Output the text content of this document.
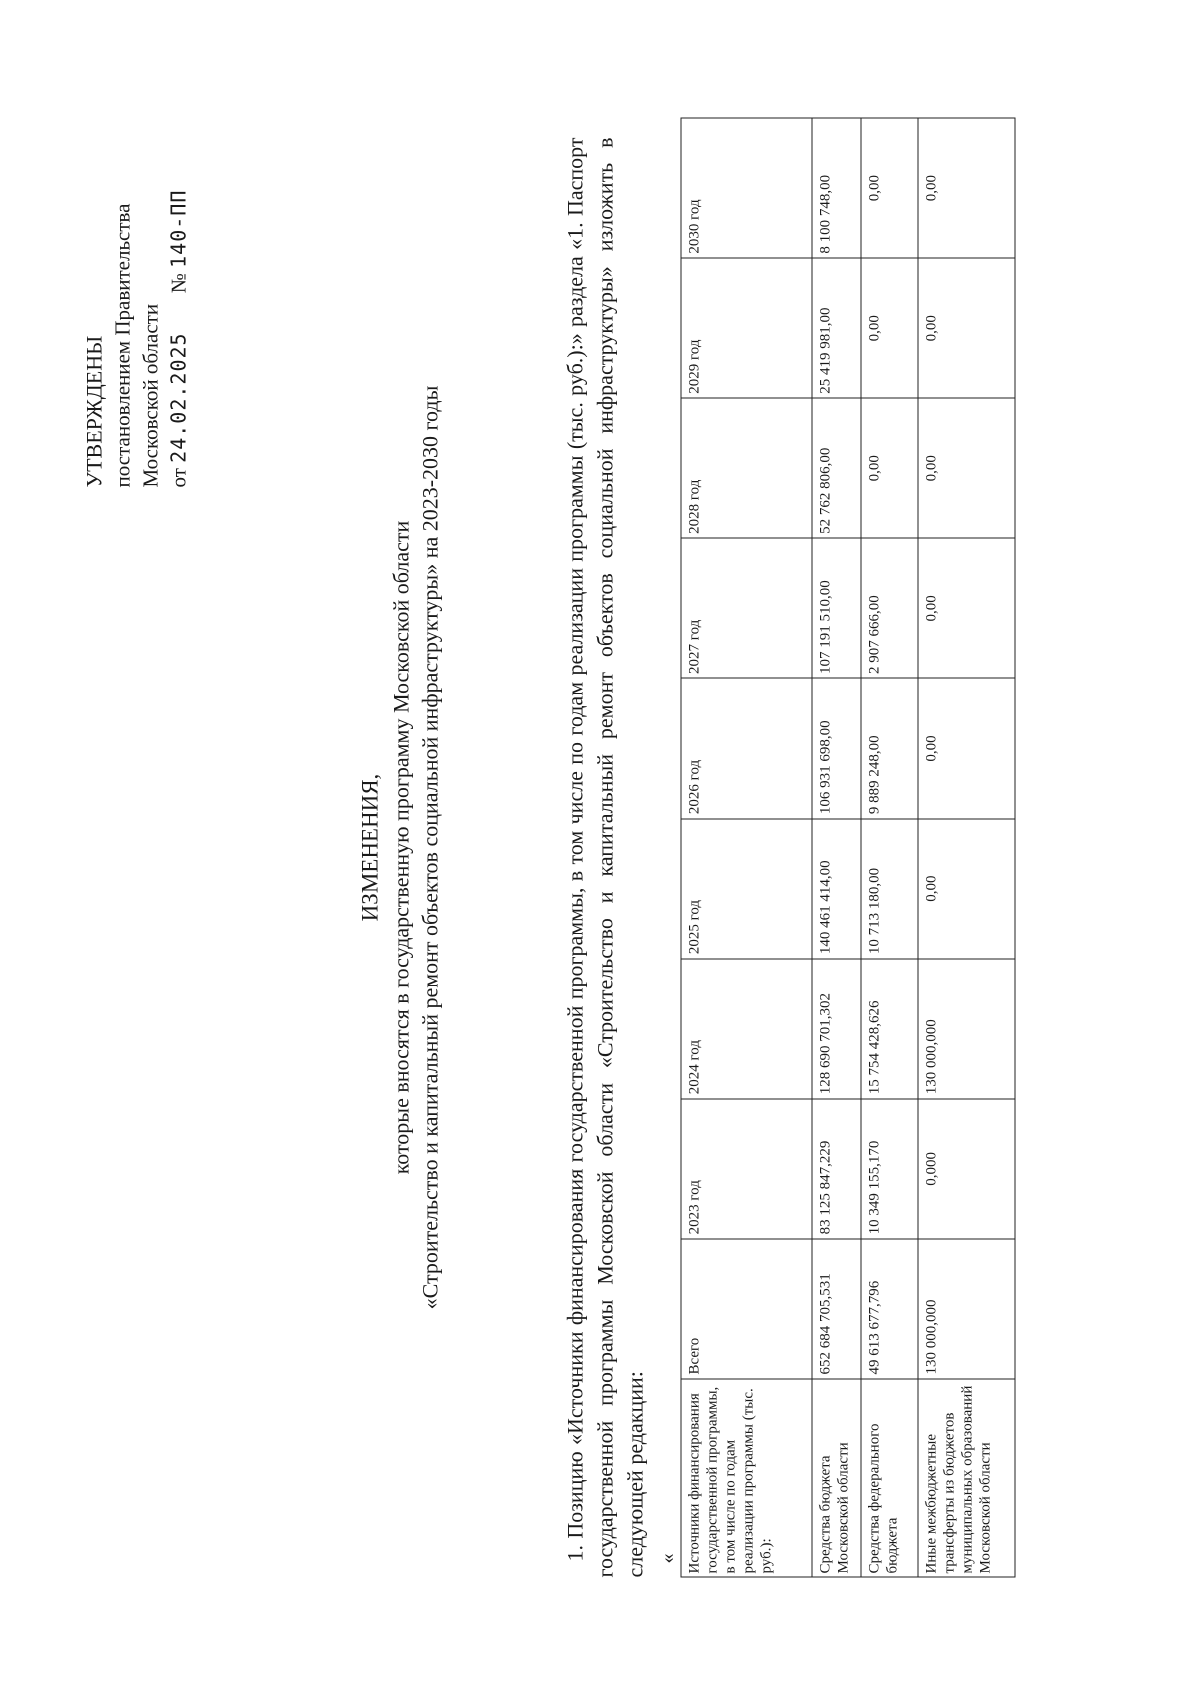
УТВЕРЖДЕНЫ постановлением Правительства Московской области от 24.02.2025 № 140-ПП
ИЗМЕНЕНИЯ, которые вносятся в государственную программу Московской области «Строительство и капитальный ремонт объектов социальной инфраструктуры» на 2023-2030 годы	1. Позицию «Источники финансирования государственной программы, в том числе по годам реализации программы (тыс. руб.):» раздела «1. Паспорт государственной программы Московской области «Строительство и капитальный ремонт объектов социальной инфраструктуры» изложить в следующей редакции: « Источники финансирования государственной программы, в том числе по годам реализации программы (тыс. руб.):	Всего	2023 год	2024 год	2025 год	2026 год	2027 год	2028 год	2029 год	2030 год
Средства бюджета Московской области	652 684 705,531	83 125 847,229	128 690 701,302	140 461 414,00	106 931 698,00	107 191 510,00	52 762 806,00	25 419 981,00	8 100 748,00
Средства федерального бюджета	49 613 677,796	10 349 155,170	15 754 428,626	10 713 180,00	9 889 248,00	2 907 666,00	0,00	0,00	0,00
Иные межбюджетные трансферты из бюджетов муниципальных образований Московской области	130 000,000	0,000	130 000,000	0,00	0,00	0,00	0,00	0,00	0,00
